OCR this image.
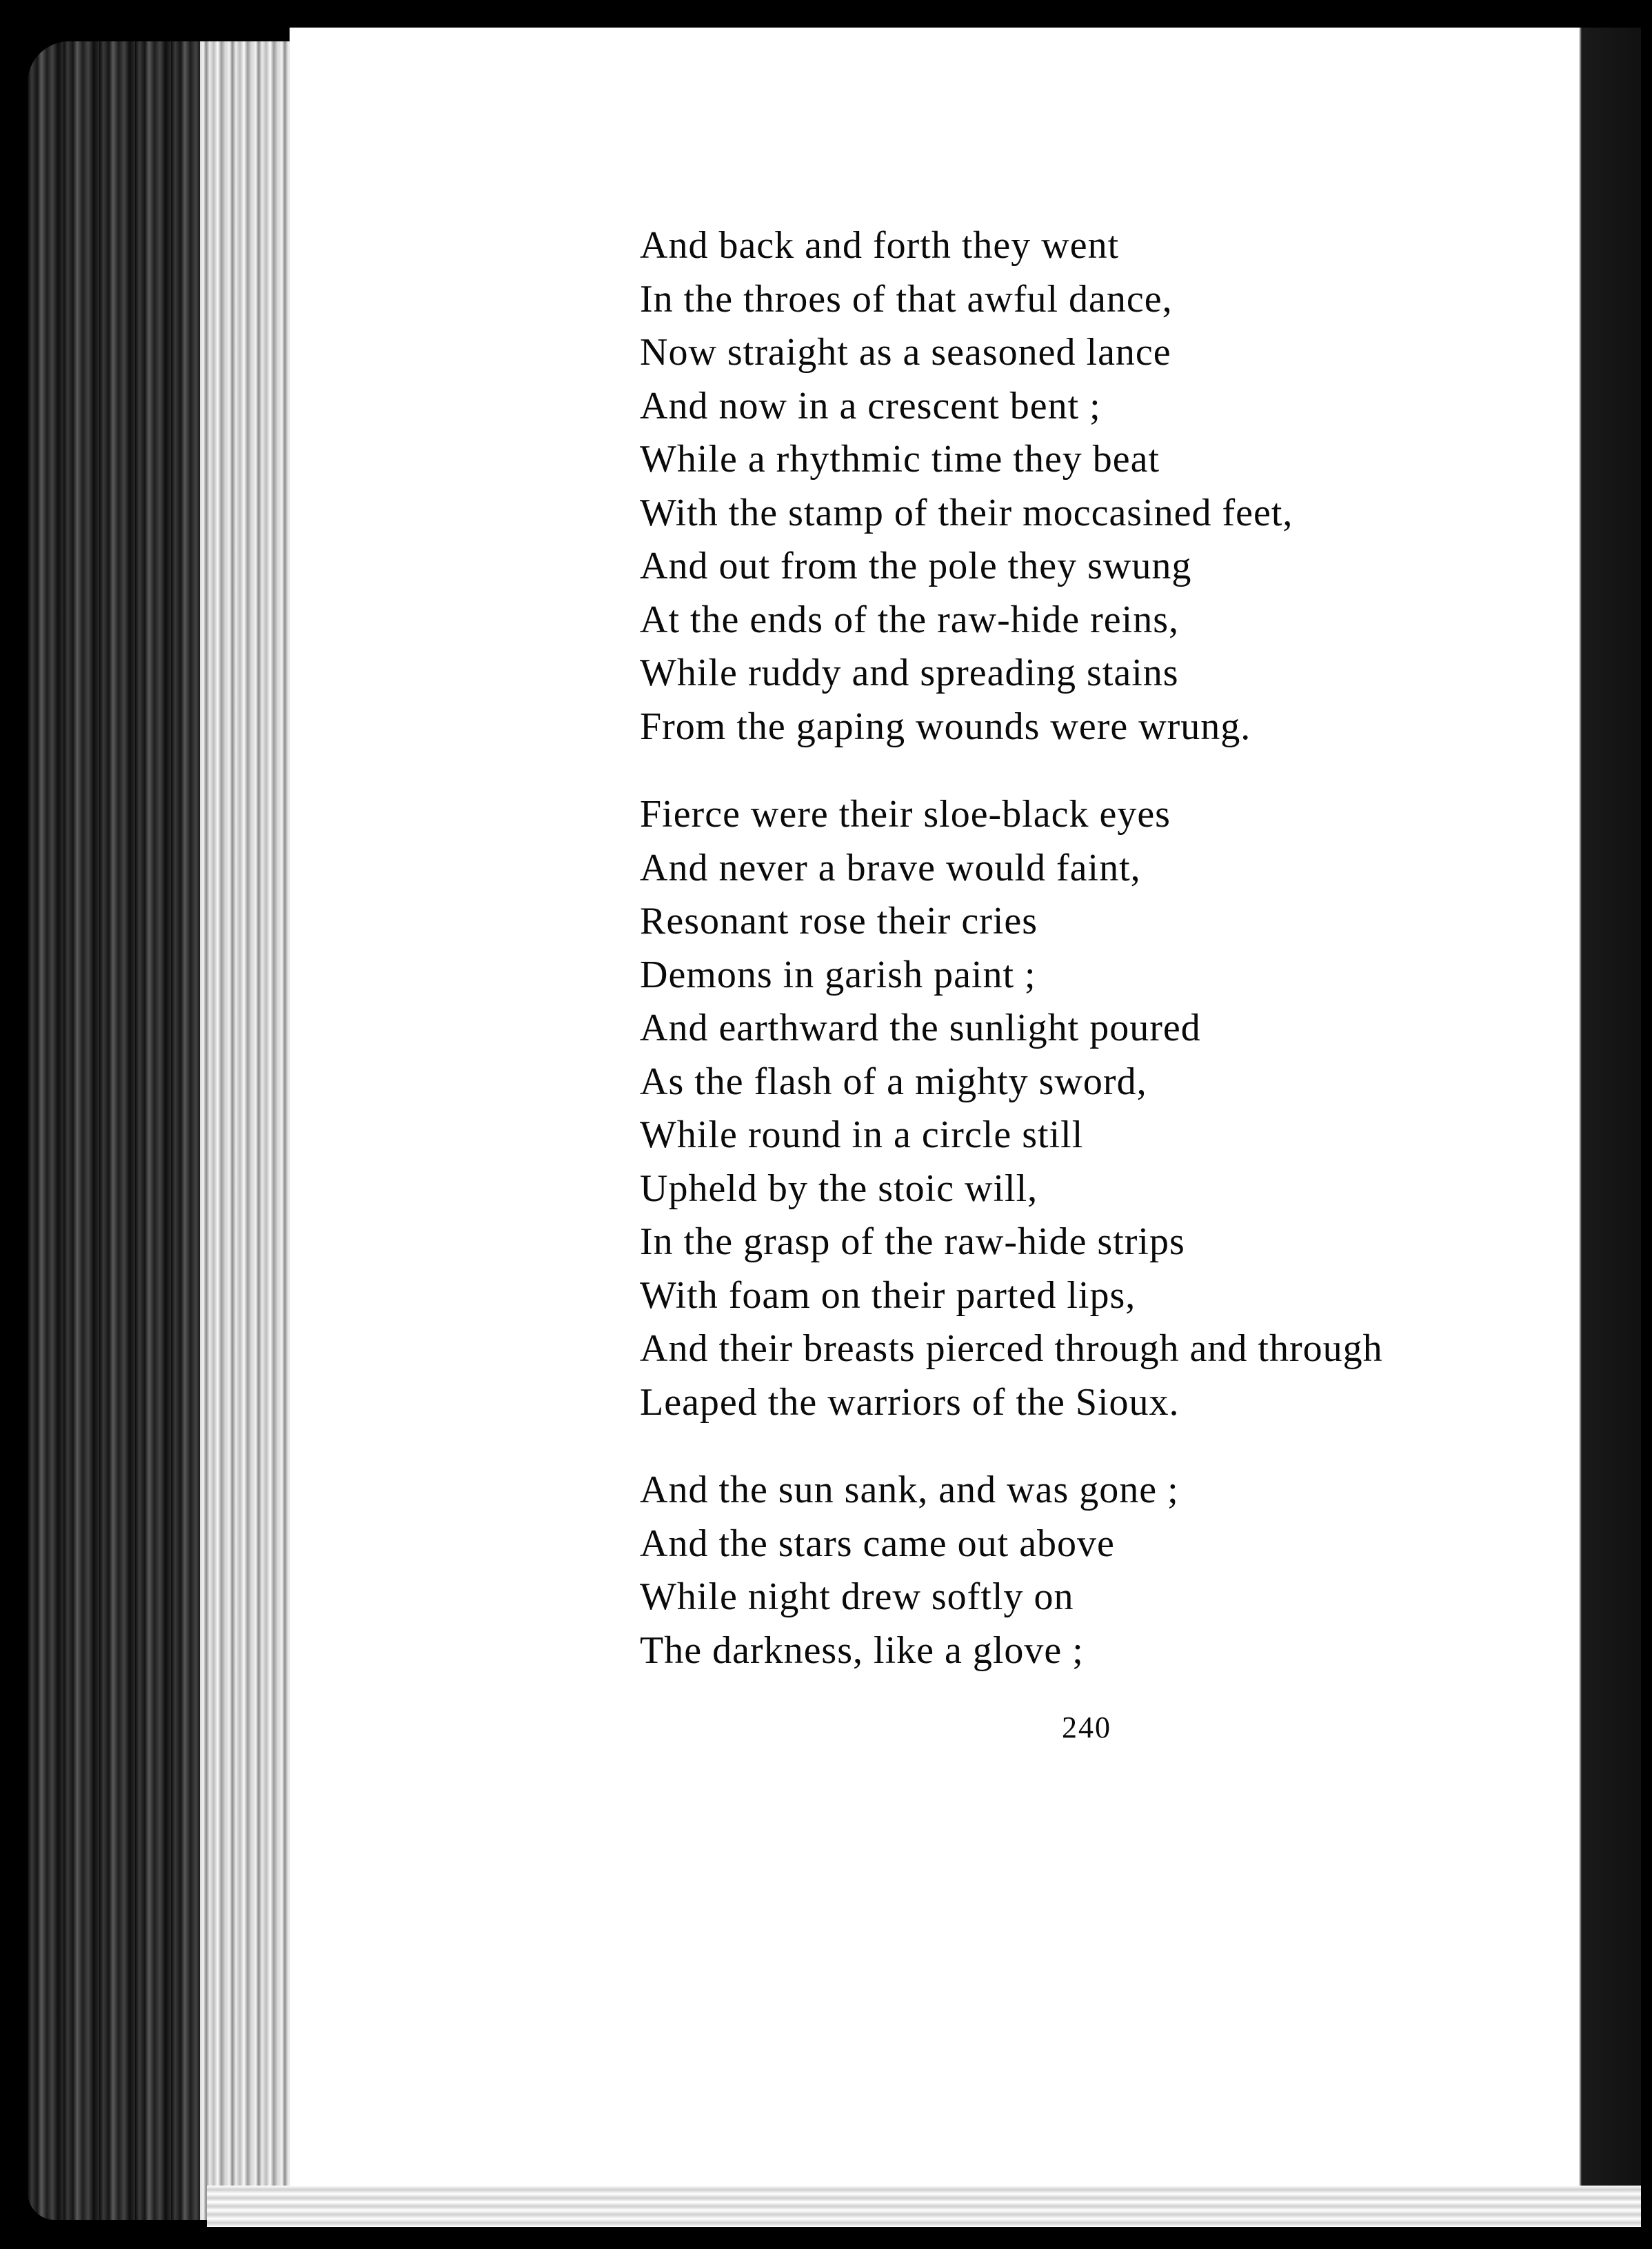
And back and forth they went
In the throes of that awful dance,
Now straight as a seasoned lance
And now in a crescent bent ;
While a rhythmic time they beat
With the stamp of their moccasined feet,
And out from the pole they swung
At the ends of the raw-hide reins,
While ruddy and spreading stains
From the gaping wounds were wrung.
Fierce were their sloe-black eyes
And never a brave would faint,
Resonant rose their cries
Demons in garish paint ;
And earthward the sunlight poured
As the flash of a mighty sword,
While round in a circle still
Upheld by the stoic will,
In the grasp of the raw-hide strips
With foam on their parted lips,
And their breasts pierced through and through
Leaped the warriors of the Sioux.
And the sun sank, and was gone ;
And the stars came out above
While night drew softly on
The darkness, like a glove ;
240
